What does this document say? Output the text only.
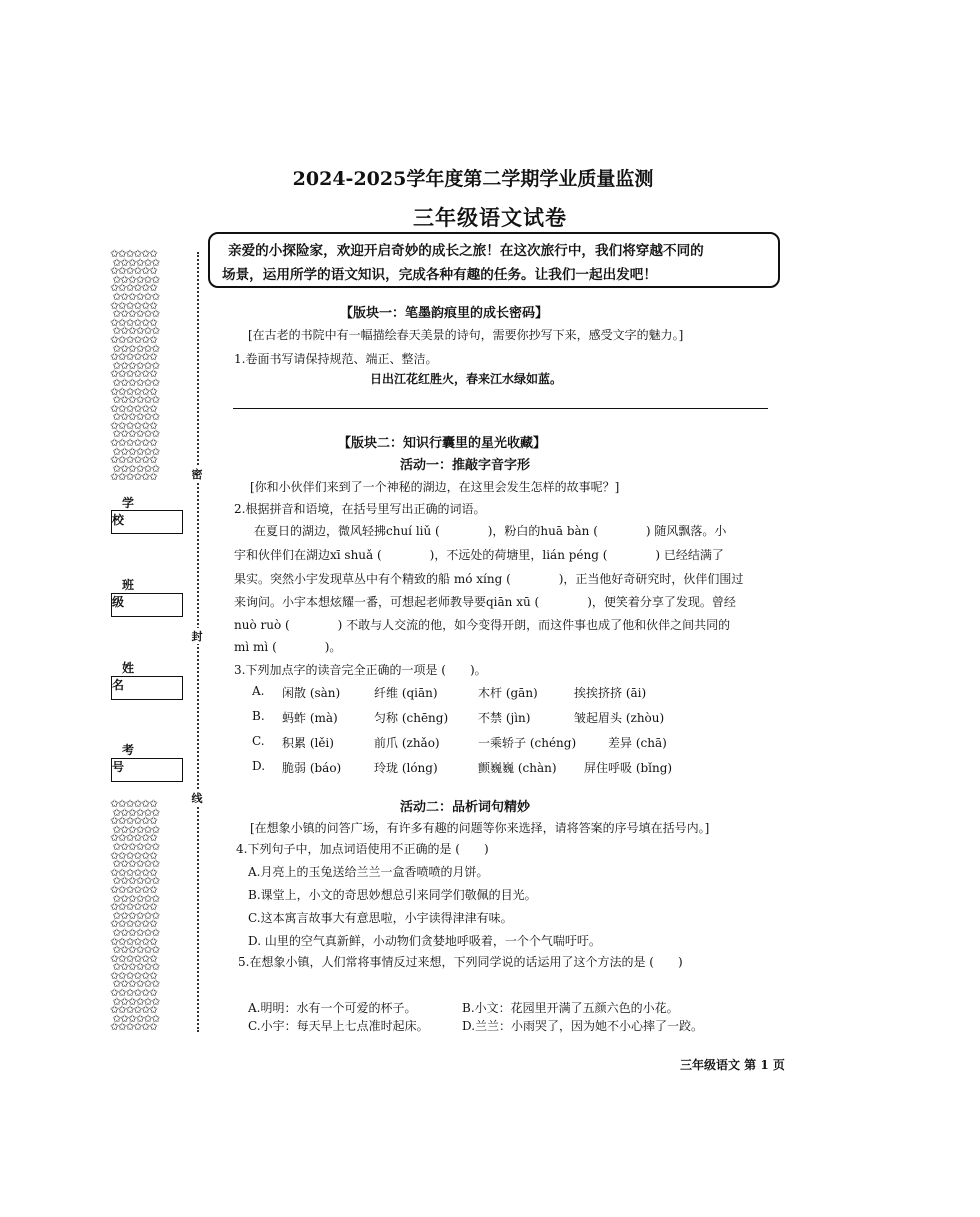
2024-2025学年度第二学期学业质量监测
三年级语文试卷

亲爱的小探险家，欢迎开启奇妙的成长之旅！在这次旅行中，我们将穿越不同的

场景，运用所学的语文知识，完成各种有趣的任务。让我们一起出发吧！

✩✩✩✩✩✩
✩✩✩✩✩✩
✩✩✩✩✩✩
✩✩✩✩✩✩
✩✩✩✩✩✩
✩✩✩✩✩✩
✩✩✩✩✩✩
✩✩✩✩✩✩
✩✩✩✩✩✩
✩✩✩✩✩✩
✩✩✩✩✩✩
✩✩✩✩✩✩
✩✩✩✩✩✩
✩✩✩✩✩✩
✩✩✩✩✩✩
✩✩✩✩✩✩
✩✩✩✩✩✩
✩✩✩✩✩✩
✩✩✩✩✩✩
✩✩✩✩✩✩
✩✩✩✩✩✩
✩✩✩✩✩✩
✩✩✩✩✩✩
✩✩✩✩✩✩
✩✩✩✩✩✩
✩✩✩✩✩✩
✩✩✩✩✩✩
✩✩✩✩✩✩
✩✩✩✩✩✩
✩✩✩✩✩✩
✩✩✩✩✩✩
✩✩✩✩✩✩
✩✩✩✩✩✩
✩✩✩✩✩✩
✩✩✩✩✩✩
✩✩✩✩✩✩
✩✩✩✩✩✩
✩✩✩✩✩✩
✩✩✩✩✩✩
✩✩✩✩✩✩
✩✩✩✩✩✩
✩✩✩✩✩✩
✩✩✩✩✩✩
✩✩✩✩✩✩
✩✩✩✩✩✩
✩✩✩✩✩✩
✩✩✩✩✩✩
✩✩✩✩✩✩
✩✩✩✩✩✩
✩✩✩✩✩✩
✩✩✩✩✩✩
✩✩✩✩✩✩
✩✩✩✩✩✩
✩✩✩✩✩✩
密
封
线
学校
班级
姓名
考号
【版块一：笔墨韵痕里的成长密码】
[在古老的书院中有一幅描绘春天美景的诗句，需要你抄写下来，感受文字的魅力。]
1.卷面书写请保持规范、端正、整洁。
日出江花红胜火，春来江水绿如蓝。
【版块二：知识行囊里的星光收藏】
活动一：推敲字音字形
[你和小伙伴们来到了一个神秘的湖边，在这里会发生怎样的故事呢？]
2.根据拼音和语境，在括号里写出正确的词语。
在夏日的湖边，微风轻拂chuí liǔ (　　　　)，粉白的huā bàn (　　　　) 随风飘落。小
宇和伙伴们在湖边xī shuǎ (　　　　)，不远处的荷塘里，lián péng (　　　　) 已经结满了
果实。突然小宇发现草丛中有个精致的船 mó xíng (　　　　)，正当他好奇研究时，伙伴们围过
来询问。小宇本想炫耀一番，可想起老师教导要qiān xū (　　　　)，便笑着分享了发现。曾经
nuò ruò (　　　　) 不敢与人交流的他，如今变得开朗，而这件事也成了他和伙伴之间共同的
mì mì (　　　　)。
3.下列加点字的读音完全正确的一项是 (　　)。
A. 闲散 (sàn)	纤维 (qiān)	木杆 (gān)	挨挨挤挤 (āi)
B. 蚂蚱 (mà)	匀称 (chēng) 不禁 (jìn)	皱起眉头 (zhòu)
C. 积累 (lěi)	前爪 (zhǎo)	一乘轿子 (chéng)	差异 (chā)
D. 脆弱 (báo)	玲珑 (lóng)	颤巍巍 (chàn) 屏住呼吸 (bǐng)
活动二：品析词句精妙
[在想象小镇的问答广场，有许多有趣的问题等你来选择，请将答案的序号填在括号内。]
4.下列句子中，加点词语使用不正确的是 (　　)
A.月亮上的玉兔送给兰兰一盒香喷喷的月饼。
B.课堂上，小文的奇思妙想总引来同学们敬佩的目光。
C.这本寓言故事大有意思啦，小宇读得津津有味。
D. 山里的空气真新鲜，小动物们贪婪地呼吸着，一个个气喘吁吁。
5.在想象小镇，人们常将事情反过来想，下列同学说的话运用了这个方法的是 (　　)
A.明明：水有一个可爱的杯子。	B.小文：花园里开满了五颜六色的小花。
C.小宇：每天早上七点准时起床。	D.兰兰：小雨哭了，因为她不小心摔了一跤。
三年级语文 第 1 页
